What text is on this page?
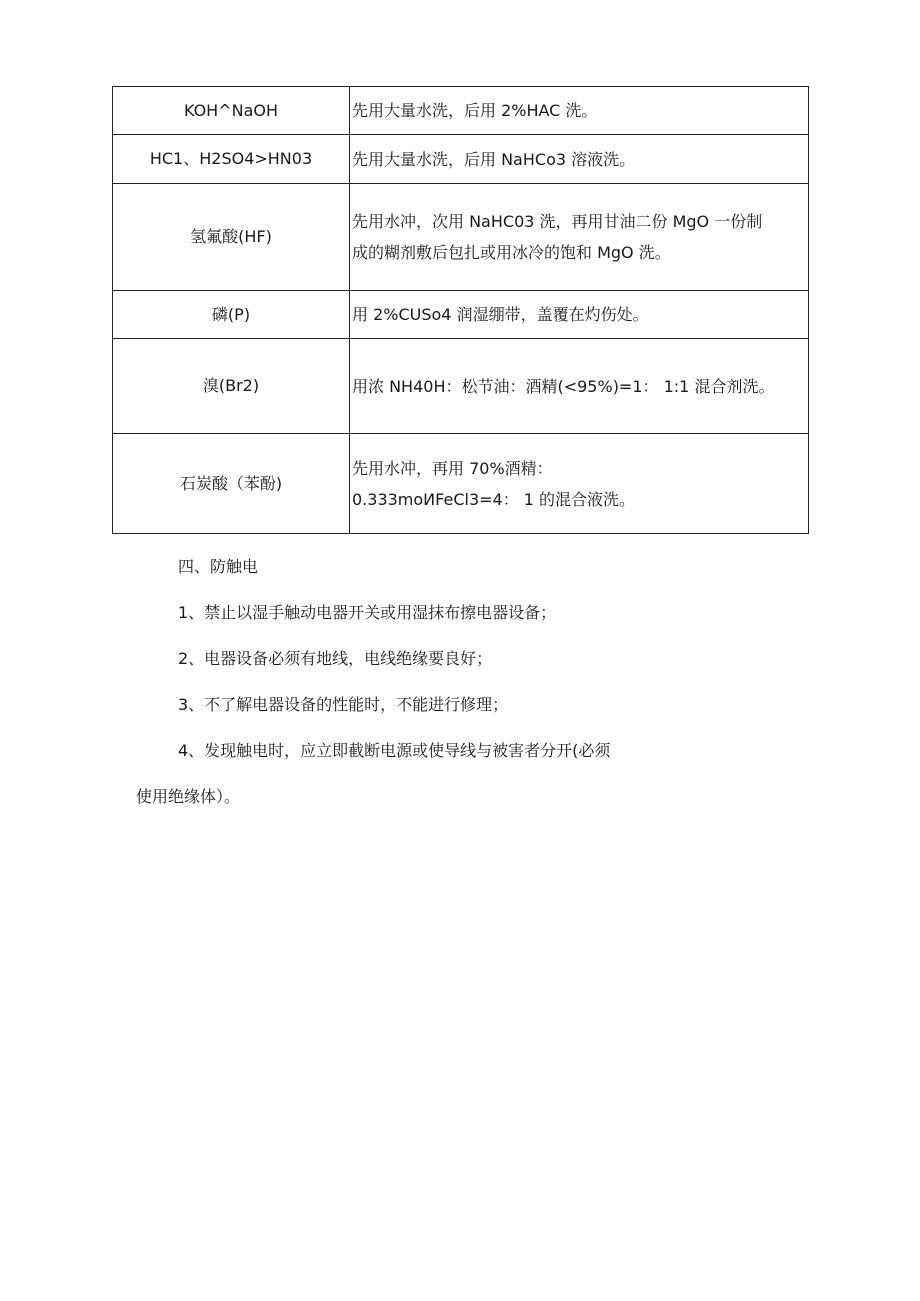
KOH^NaOH	先用大量水洗，后用 2%HAC 洗。

HC1、H2SO4>HN03	先用大量水洗，后用 NaHCo3 溶液洗。

氢氟酸(HF)	先用水冲，次用 NaHC03 洗，再用甘油二份 MgO 一份制
成的糊剂敷后包扎或用冰冷的饱和 MgO 洗。

磷(P)	用 2%CUSo4 润湿绷带，盖覆在灼伤处。

溴(Br2)	用浓 NH40H：松节油：酒精(<95%)=1： 1:1 混合剂洗。

石炭酸（苯酚)	先用水冲，再用 70%酒精：
0.333moИFeCl3=4： 1 的混合液洗。
四、防触电
1、禁止以湿手触动电器开关或用湿抹布擦电器设备；
2、电器设备必须有地线，电线绝缘要良好；
3、不了解电器设备的性能时，不能进行修理；
4、发现触电时，应立即截断电源或使导线与被害者分开(必须
使用绝缘体）。
